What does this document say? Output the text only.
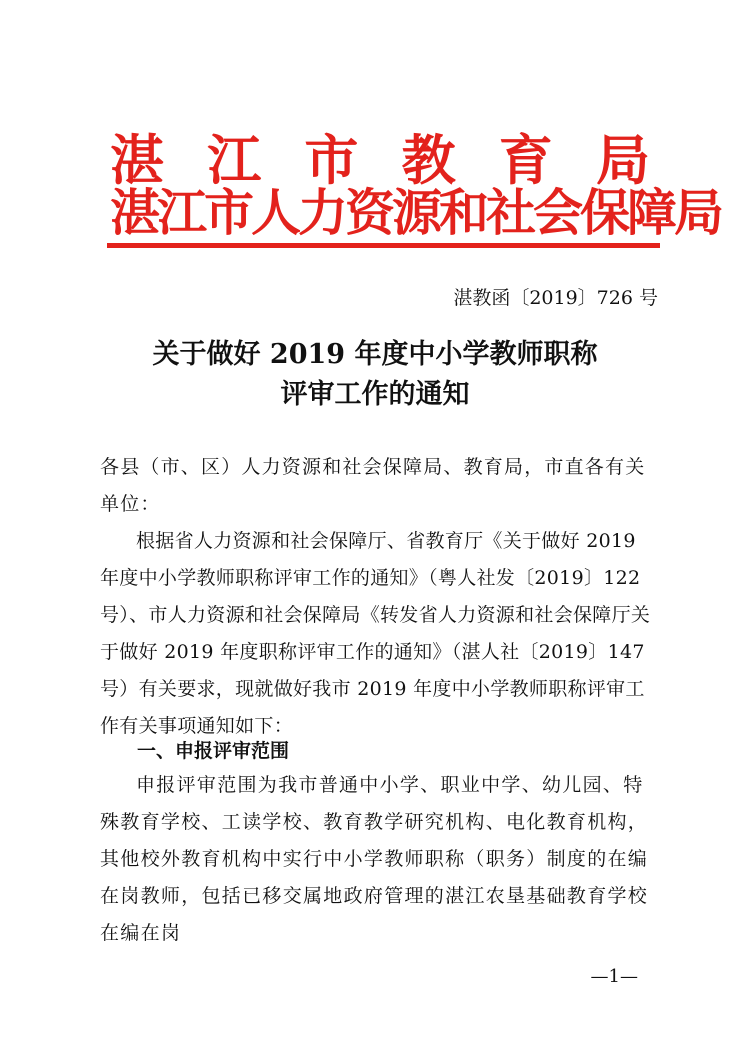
湛 江 市 教 育 局
湛江市人力资源和社会保障局
湛教函〔2019〕726 号
关于做好 2019 年度中小学教师职称
评审工作的通知
各县（市、区）人力资源和社会保障局、教育局，市直各有关单位：
根据省人力资源和社会保障厅、省教育厅《关于做好 2019 年度中小学教师职称评审工作的通知》（粤人社发〔2019〕122 号）、市人力资源和社会保障局《转发省人力资源和社会保障厅关于做好 2019 年度职称评审工作的通知》（湛人社〔2019〕147 号）有关要求，现就做好我市 2019 年度中小学教师职称评审工作有关事项通知如下：
一、申报评审范围
申报评审范围为我市普通中小学、职业中学、幼儿园、特殊教育学校、工读学校、教育教学研究机构、电化教育机构，其他校外教育机构中实行中小学教师职称（职务）制度的在编在岗教师，包括已移交属地政府管理的湛江农垦基础教育学校在编在岗
—1—
